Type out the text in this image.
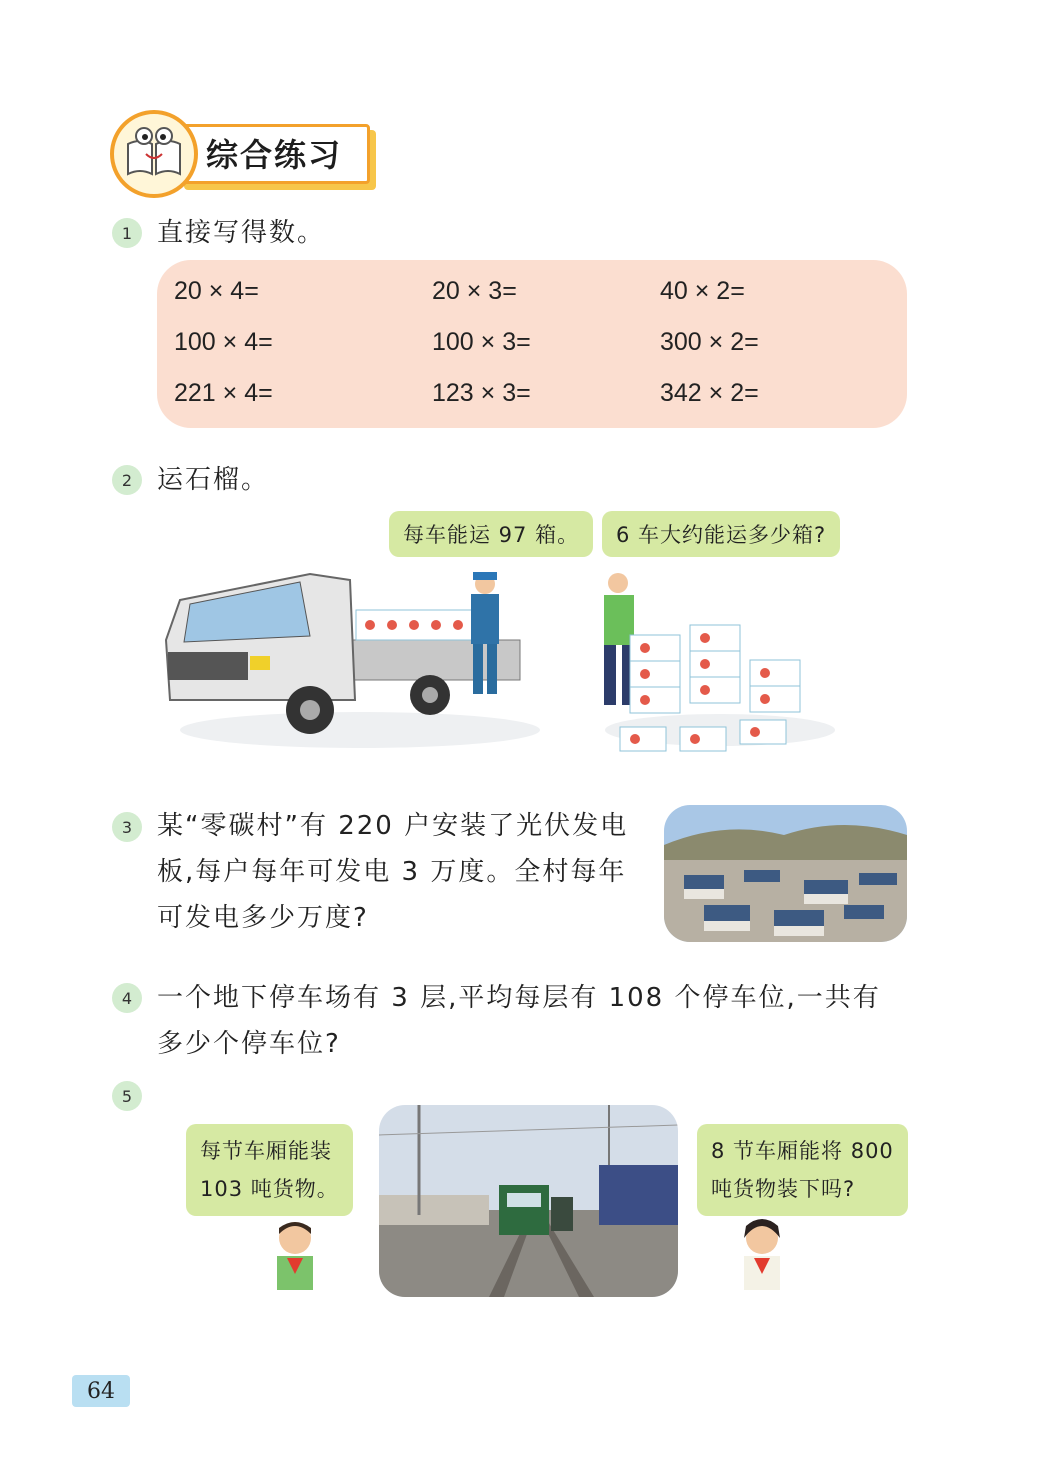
综合练习
1 直接写得数。
20 × 4=	20 × 3=	40 × 2=
100 × 4=	100 × 3=	300 × 2=
221 × 4=	123 × 3=	342 × 2=
2 运石榴。
每车能运 97 箱。	6 车大约能运多少箱?
3 某“零碳村”有 220 户安装了光伏发电
板,每户每年可发电 3 万度。全村每年
可发电多少万度?
4 一个地下停车场有 3 层,平均每层有 108 个停车位,一共有
多少个停车位?
5
每节车厢能装
103 吨货物。
8 节车厢能将 800
吨货物装下吗?
64
